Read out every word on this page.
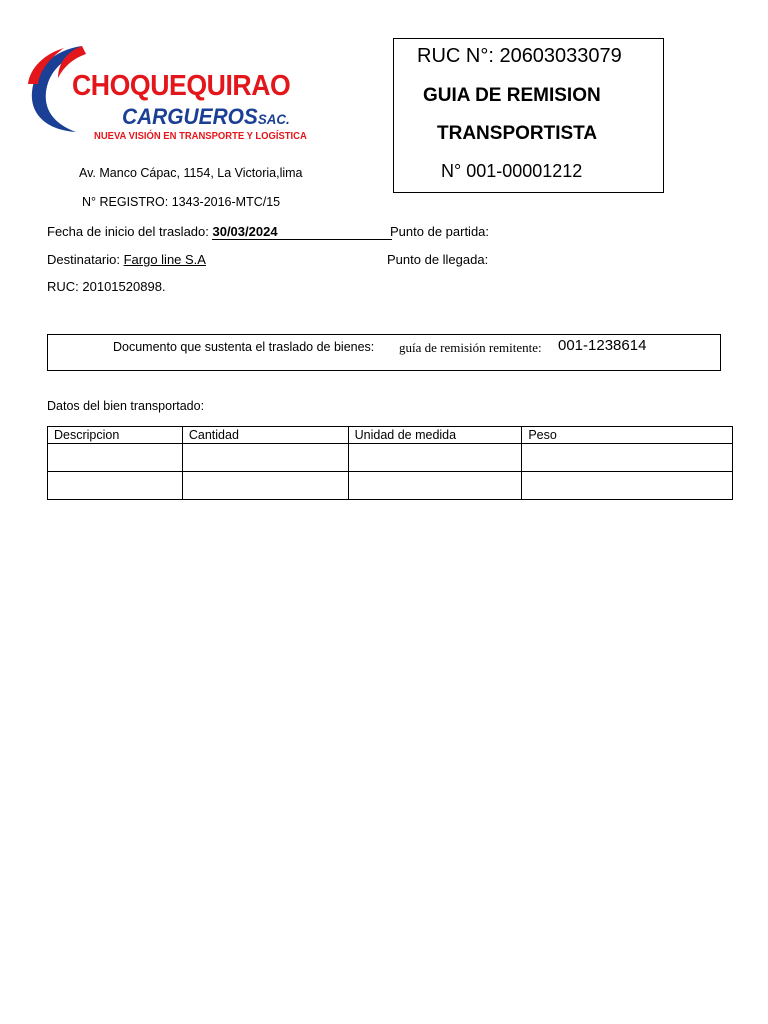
CHOQUEQUIRAO
CARGUEROSSAC.
NUEVA VISIÓN EN TRANSPORTE Y LOGÍSTICA
Av. Manco Cápac, 1154, La Victoria,lima
N° REGISTRO: 1343-2016-MTC/15
RUC N°: 20603033079
GUIA DE REMISION
TRANSPORTISTA
N° 001-00001212
Fecha de inicio del traslado: 30/03/2024	Punto de partida:
Destinatario: Fargo line S.A	Punto de llegada:
RUC: 20101520898.
Documento que sustenta el traslado de bienes: guía de remisión remitente: 001-1238614
Datos del bien transportado:
Descripcion	Cantidad	Unidad de medida	Peso
